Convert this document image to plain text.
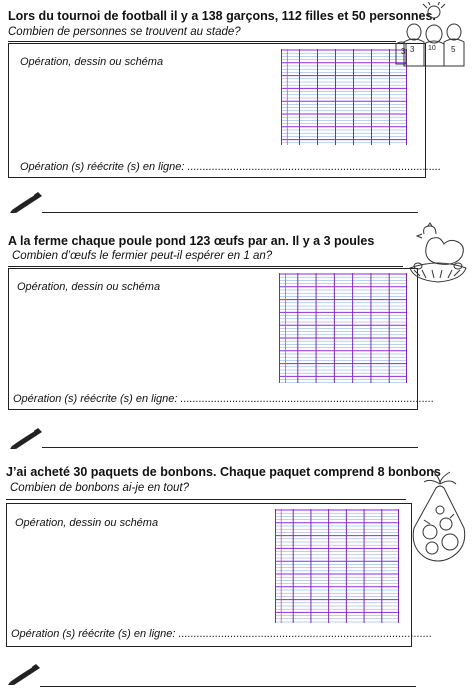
Lors du tournoi de football il y a 138 garçons, 112 filles et 50 personnes.
Combien de personnes se trouvent au stade?
Opération, dessin ou schéma
Opération (s) réécrite (s) en ligne: ...................................................................................
3 3 10 5
A la ferme chaque poule pond 123 œufs par an. Il y a 3 poules
Combien d’œufs le fermier peut-il espérer en 1 an?
Opération, dessin ou schéma
Opération (s) réécrite (s) en ligne: ...................................................................................
J’ai acheté 30 paquets de bonbons. Chaque paquet comprend 8 bonbons
Combien de bonbons ai-je en tout?
Opération, dessin ou schéma
Opération (s) réécrite (s) en ligne: ...................................................................................
